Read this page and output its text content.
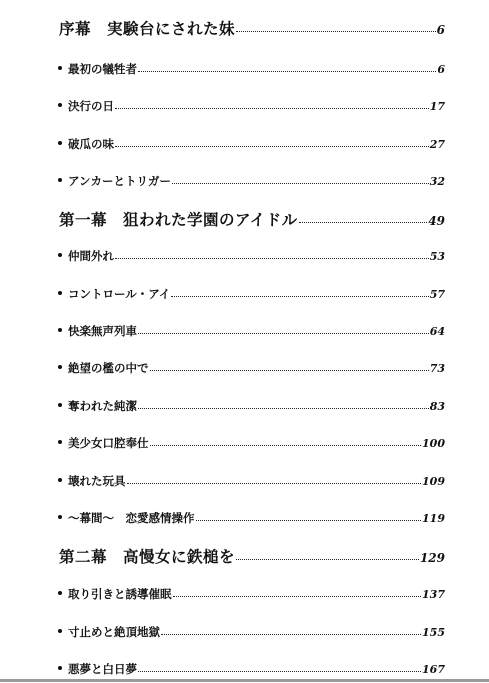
序幕　実験台にされた妹	6
最初の犠牲者	6
決行の日	17
破瓜の味	27
アンカーとトリガー	32
第一幕　狙われた学園のアイドル	49
仲間外れ	53
コントロール・アイ	57
快楽無声列車	64
絶望の檻の中で	73
奪われた純潔	83
美少女口腔奉仕	100
壊れた玩具	109
～幕間～　恋愛感情操作	119
第二幕　高慢女に鉄槌を	129
取り引きと誘導催眠	137
寸止めと絶頂地獄	155
悪夢と白日夢	167
